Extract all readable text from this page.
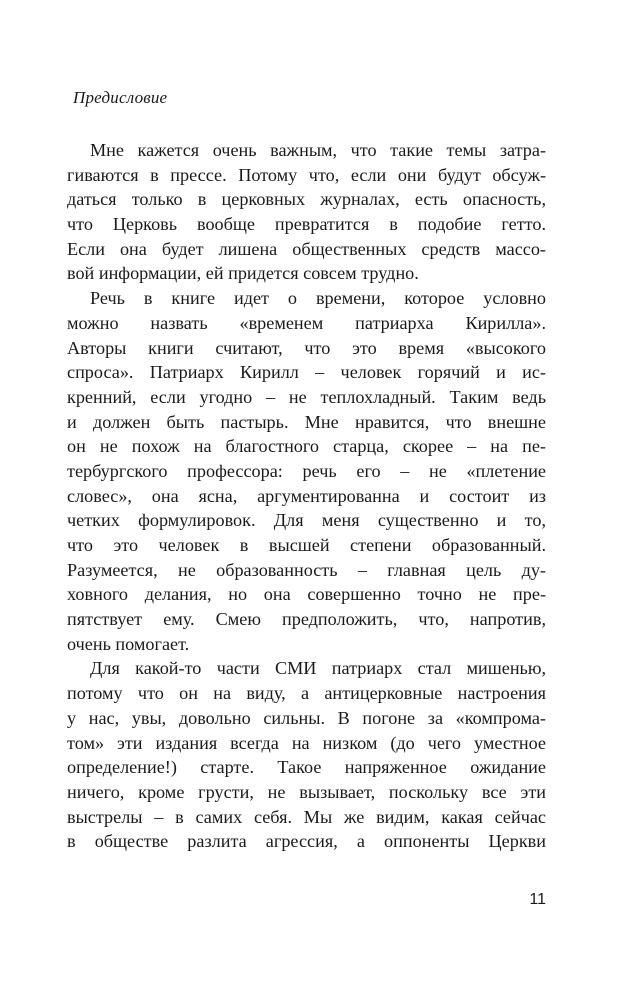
Предисловие
Мне кажется очень важным, что такие темы затра-
гиваются в прессе. Потому что, если они будут обсуж-
даться только в церковных журналах, есть опасность,
что Церковь вообще превратится в подобие гетто.
Если она будет лишена общественных средств массо-
вой информации, ей придется совсем трудно.
Речь в книге идет о времени, которое условно
можно назвать «временем патриарха Кирилла».
Авторы книги считают, что это время «высокого
спроса». Патриарх Кирилл – человек горячий и ис-
кренний, если угодно – не теплохладный. Таким ведь
и должен быть пастырь. Мне нравится, что внешне
он не похож на благостного старца, скорее – на пе-
тербургского профессора: речь его – не «плетение
словес», она ясна, аргументированна и состоит из
четких формулировок. Для меня существенно и то,
что это человек в высшей степени образованный.
Разумеется, не образованность – главная цель ду-
ховного делания, но она совершенно точно не пре-
пятствует ему. Смею предположить, что, напротив,
очень помогает.
Для какой-то части СМИ патриарх стал мишенью,
потому что он на виду, а антицерковные настроения
у нас, увы, довольно сильны. В погоне за «компрома-
том» эти издания всегда на низком (до чего уместное
определение!) старте. Такое напряженное ожидание
ничего, кроме грусти, не вызывает, поскольку все эти
выстрелы – в самих себя. Мы же видим, какая сейчас
в обществе разлита агрессия, а оппоненты Церкви
11
